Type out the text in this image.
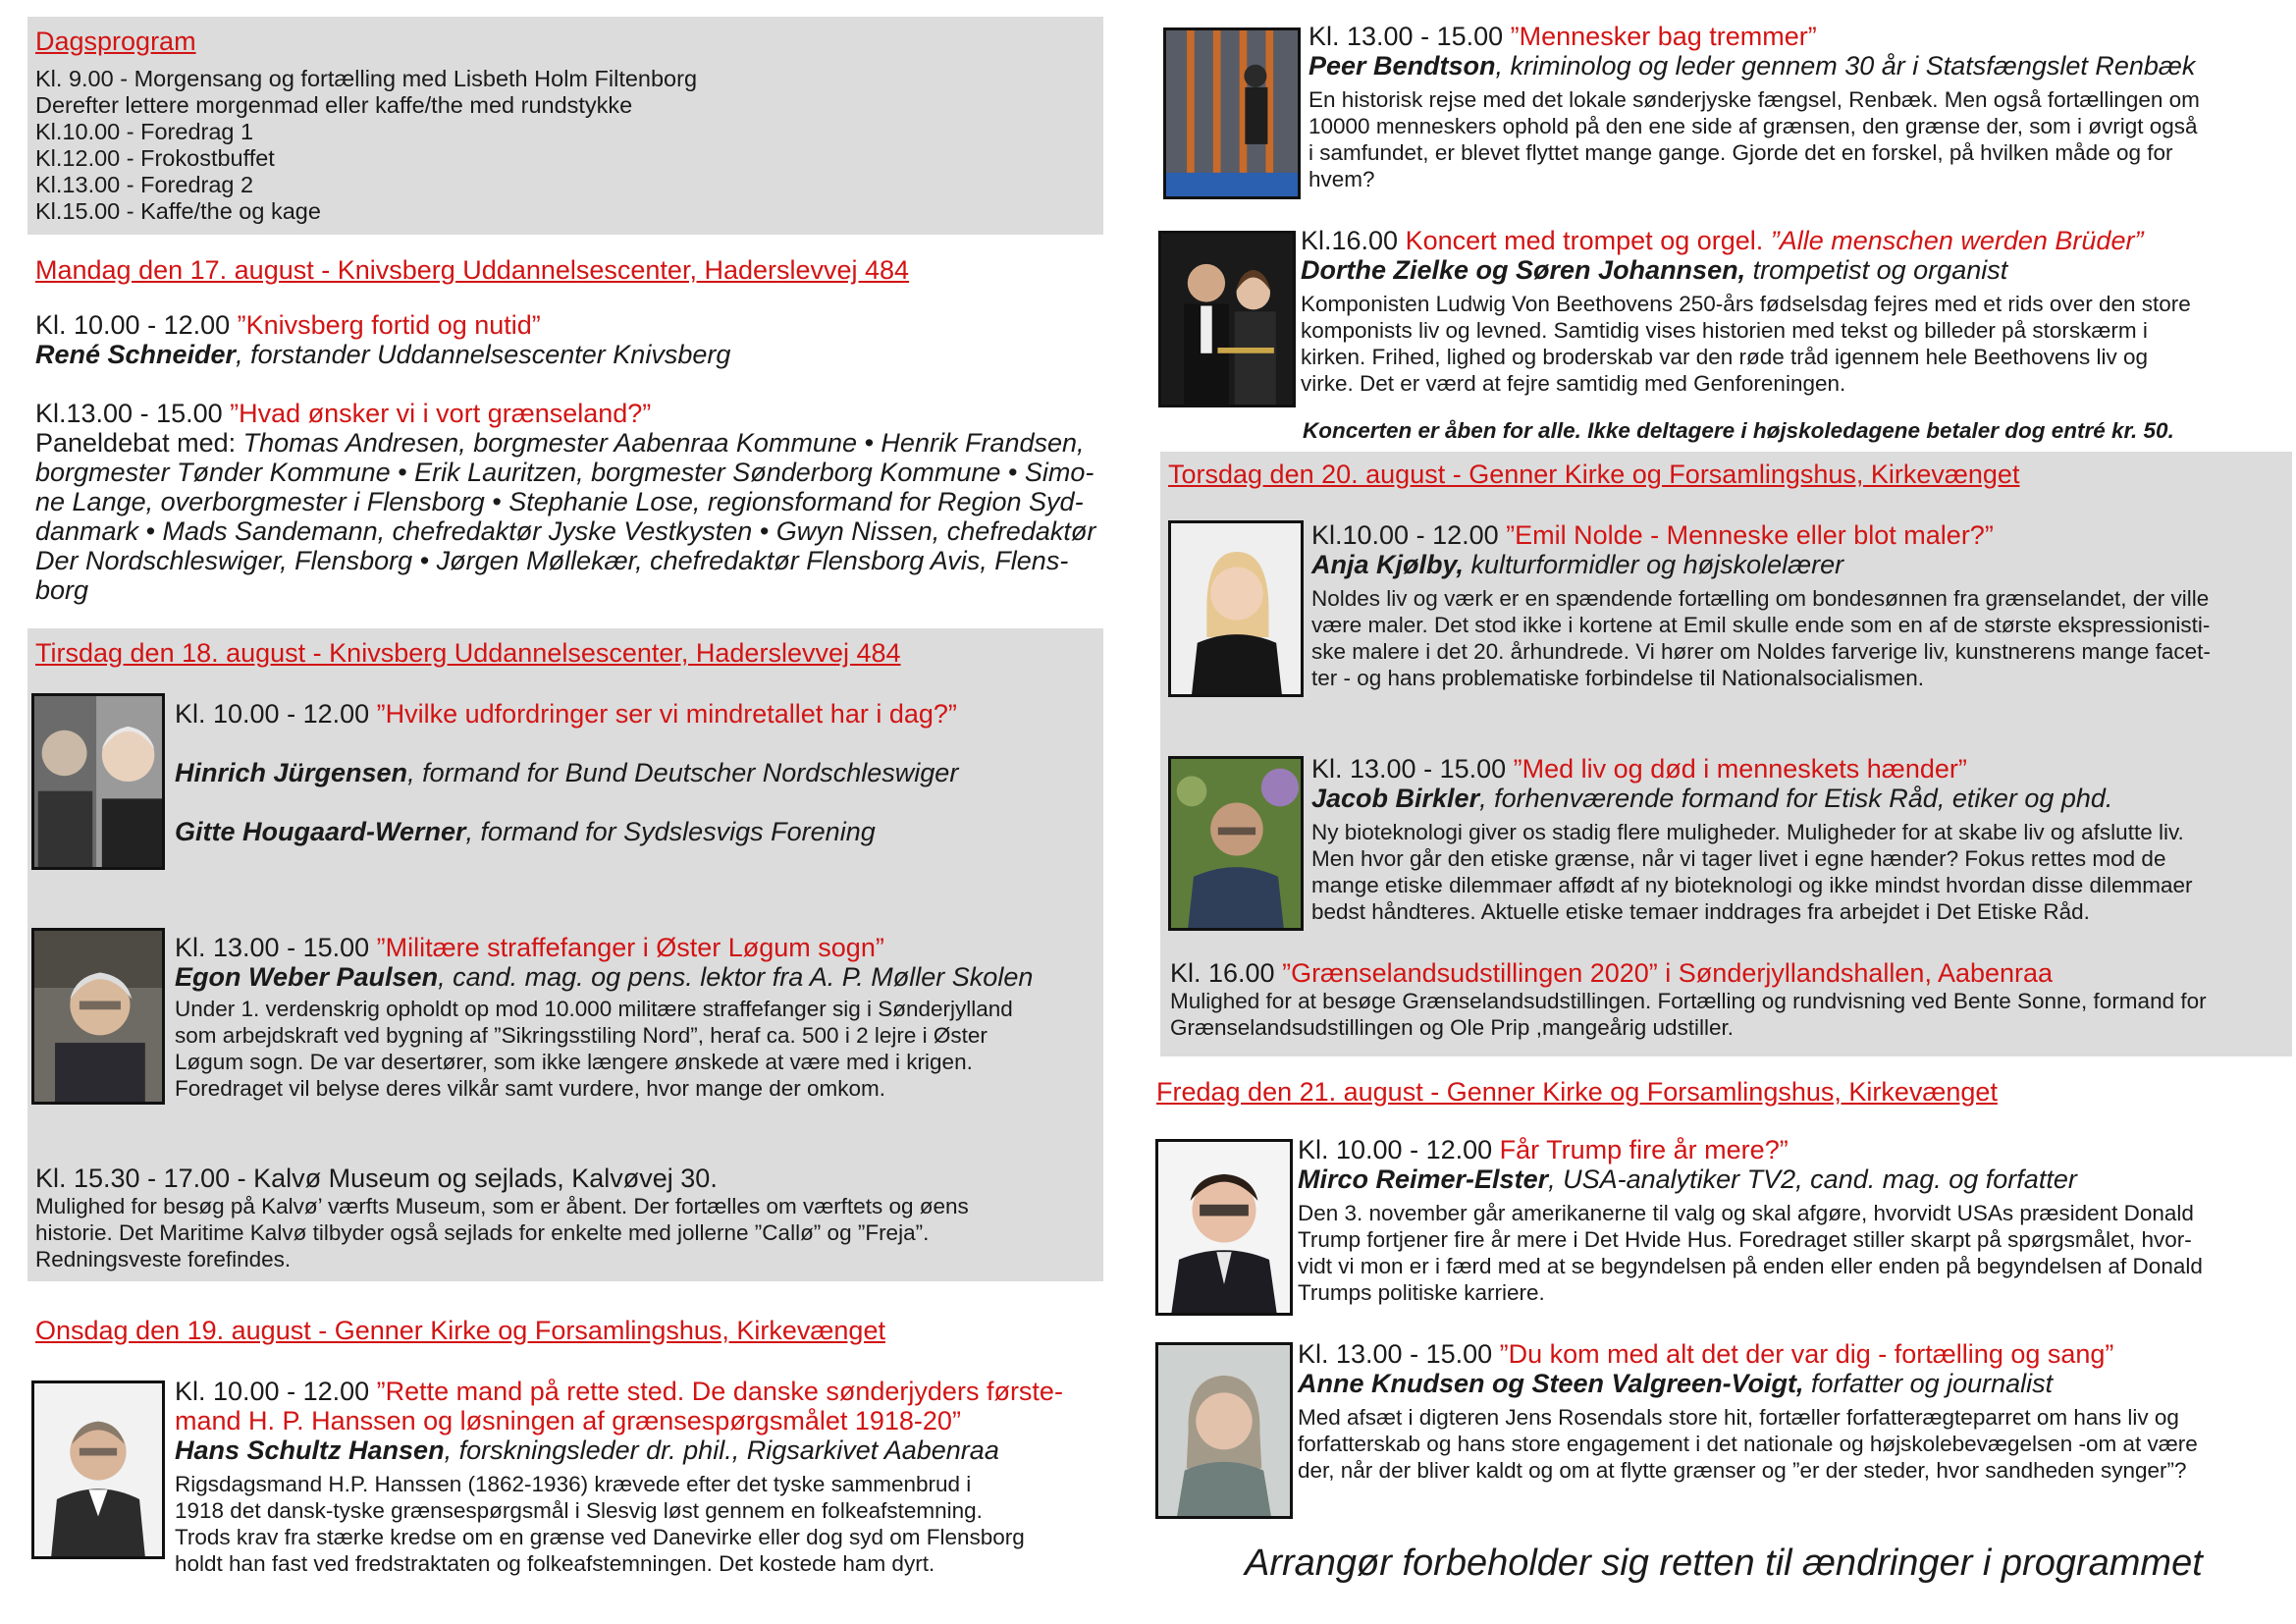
Dagsprogram

Kl. 9.00 - Morgensang og fortælling med Lisbeth Holm Filtenborg

Derefter lettere morgenmad eller kaffe/the med rundstykke

Kl.10.00 - Foredrag 1

Kl.12.00 - Frokostbuffet

Kl.13.00 - Foredrag 2

Kl.15.00 - Kaffe/the og kage

Mandag den 17. august - Knivsberg Uddannelsescenter, Haderslevvej 484

Kl. 10.00 - 12.00 ”Knivsberg fortid og nutid”

René Schneider, forstander Uddannelsescenter Knivsberg

Kl.13.00 - 15.00 ”Hvad ønsker vi i vort grænseland?”

Paneldebat med: Thomas Andresen, borgmester Aabenraa Kommune • Henrik Frandsen,

borgmester Tønder Kommune • Erik Lauritzen, borgmester Sønderborg Kommune • Simo-

ne Lange, overborgmester i Flensborg • Stephanie Lose, regionsformand for Region Syd-

danmark • Mads Sandemann, chefredaktør Jyske Vestkysten • Gwyn Nissen, chefredaktør

Der Nordschleswiger, Flensborg • Jørgen Møllekær, chefredaktør Flensborg Avis, Flens-

borg

Tirsdag den 18. august - Knivsberg Uddannelsescenter, Haderslevvej 484

Kl. 10.00 - 12.00 ”Hvilke udfordringer ser vi mindretallet har i dag?”

Hinrich Jürgensen, formand for Bund Deutscher Nordschleswiger

Gitte Hougaard-Werner, formand for Sydslesvigs Forening

Kl. 13.00 - 15.00 ”Militære straffefanger i Øster Løgum sogn”

Egon Weber Paulsen, cand. mag. og pens. lektor fra A. P. Møller Skolen

Under 1. verdenskrig opholdt op mod 10.000 militære straffefanger sig i Sønderjylland

som arbejdskraft ved bygning af ”Sikringsstiling Nord”, heraf ca. 500 i 2 lejre i Øster

Løgum sogn. De var desertører, som ikke længere ønskede at være med i krigen.

Foredraget vil belyse deres vilkår samt vurdere, hvor mange der omkom.

Kl. 15.30 - 17.00 - Kalvø Museum og sejlads, Kalvøvej 30.

Mulighed for besøg på Kalvø’ værfts Museum, som er åbent. Der fortælles om værftets og øens

historie. Det Maritime Kalvø tilbyder også sejlads for enkelte med jollerne ”Callø” og ”Freja”.

Redningsveste forefindes.

Onsdag den 19. august - Genner Kirke og Forsamlingshus, Kirkevænget

Kl. 10.00 - 12.00 ”Rette mand på rette sted. De danske sønderjyders første-

mand H. P. Hanssen og løsningen af grænsespørgsmålet 1918-20”

Hans Schultz Hansen, forskningsleder dr. phil., Rigsarkivet Aabenraa

Rigsdagsmand H.P. Hanssen (1862-1936) krævede efter det tyske sammenbrud i

1918 det dansk-tyske grænsespørgsmål i Slesvig løst gennem en folkeafstemning.

Trods krav fra stærke kredse om en grænse ved Danevirke eller dog syd om Flensborg

holdt han fast ved fredstraktaten og folkeafstemningen. Det kostede ham dyrt.

Kl. 13.00 - 15.00 ”Mennesker bag tremmer”

Peer Bendtson, kriminolog og leder gennem 30 år i Statsfængslet Renbæk

En historisk rejse med det lokale sønderjyske fængsel, Renbæk. Men også fortællingen om

10000 menneskers ophold på den ene side af grænsen, den grænse der, som i øvrigt også

i samfundet, er blevet flyttet mange gange. Gjorde det en forskel, på hvilken måde og for

hvem?

Kl.16.00 Koncert med trompet og orgel. ”Alle menschen werden Brüder”

Dorthe Zielke og Søren Johannsen, trompetist og organist

Komponisten Ludwig Von Beethovens 250-års fødselsdag fejres med et rids over den store

komponists liv og levned. Samtidig vises historien med tekst og billeder på storskærm i

kirken. Frihed, lighed og broderskab var den røde tråd igennem hele Beethovens liv og

virke. Det er værd at fejre samtidig med Genforeningen.

Koncerten er åben for alle. Ikke deltagere i højskoledagene betaler dog entré kr. 50.

Torsdag den 20. august - Genner Kirke og Forsamlingshus, Kirkevænget

Kl.10.00 - 12.00 ”Emil Nolde - Menneske eller blot maler?”

Anja Kjølby, kulturformidler og højskolelærer

Noldes liv og værk er en spændende fortælling om bondesønnen fra grænselandet, der ville

være maler. Det stod ikke i kortene at Emil skulle ende som en af de største ekspressionisti-

ske malere i det 20. århundrede. Vi hører om Noldes farverige liv, kunstnerens mange facet-

ter - og hans problematiske forbindelse til Nationalsocialismen.

Kl. 13.00 - 15.00 ”Med liv og død i menneskets hænder”

Jacob Birkler, forhenværende formand for Etisk Råd, etiker og phd.

Ny bioteknologi giver os stadig flere muligheder. Muligheder for at skabe liv og afslutte liv.

Men hvor går den etiske grænse, når vi tager livet i egne hænder? Fokus rettes mod de

mange etiske dilemmaer affødt af ny bioteknologi og ikke mindst hvordan disse dilemmaer

bedst håndteres. Aktuelle etiske temaer inddrages fra arbejdet i Det Etiske Råd.

Kl. 16.00 ”Grænselandsudstillingen 2020” i Sønderjyllandshallen, Aabenraa

Mulighed for at besøge Grænselandsudstillingen. Fortælling og rundvisning ved Bente Sonne, formand for

Grænselandsudstillingen og Ole Prip ,mangeårig udstiller.

Fredag den 21. august - Genner Kirke og Forsamlingshus, Kirkevænget

Kl. 10.00 - 12.00 Får Trump fire år mere?”

Mirco Reimer-Elster, USA-analytiker TV2, cand. mag. og forfatter

Den 3. november går amerikanerne til valg og skal afgøre, hvorvidt USAs præsident Donald

Trump fortjener fire år mere i Det Hvide Hus. Foredraget stiller skarpt på spørgsmålet, hvor-

vidt vi mon er i færd med at se begyndelsen på enden eller enden på begyndelsen af Donald

Trumps politiske karriere.

Kl. 13.00 - 15.00 ”Du kom med alt det der var dig - fortælling og sang”

Anne Knudsen og Steen Valgreen-Voigt, forfatter og journalist

Med afsæt i digteren Jens Rosendals store hit, fortæller forfatterægteparret om hans liv og

forfatterskab og hans store engagement i det nationale og højskolebevægelsen -om at være

der, når der bliver kaldt og om at flytte grænser og ”er der steder, hvor sandheden synger”?

Arrangør forbeholder sig retten til ændringer i programmet
